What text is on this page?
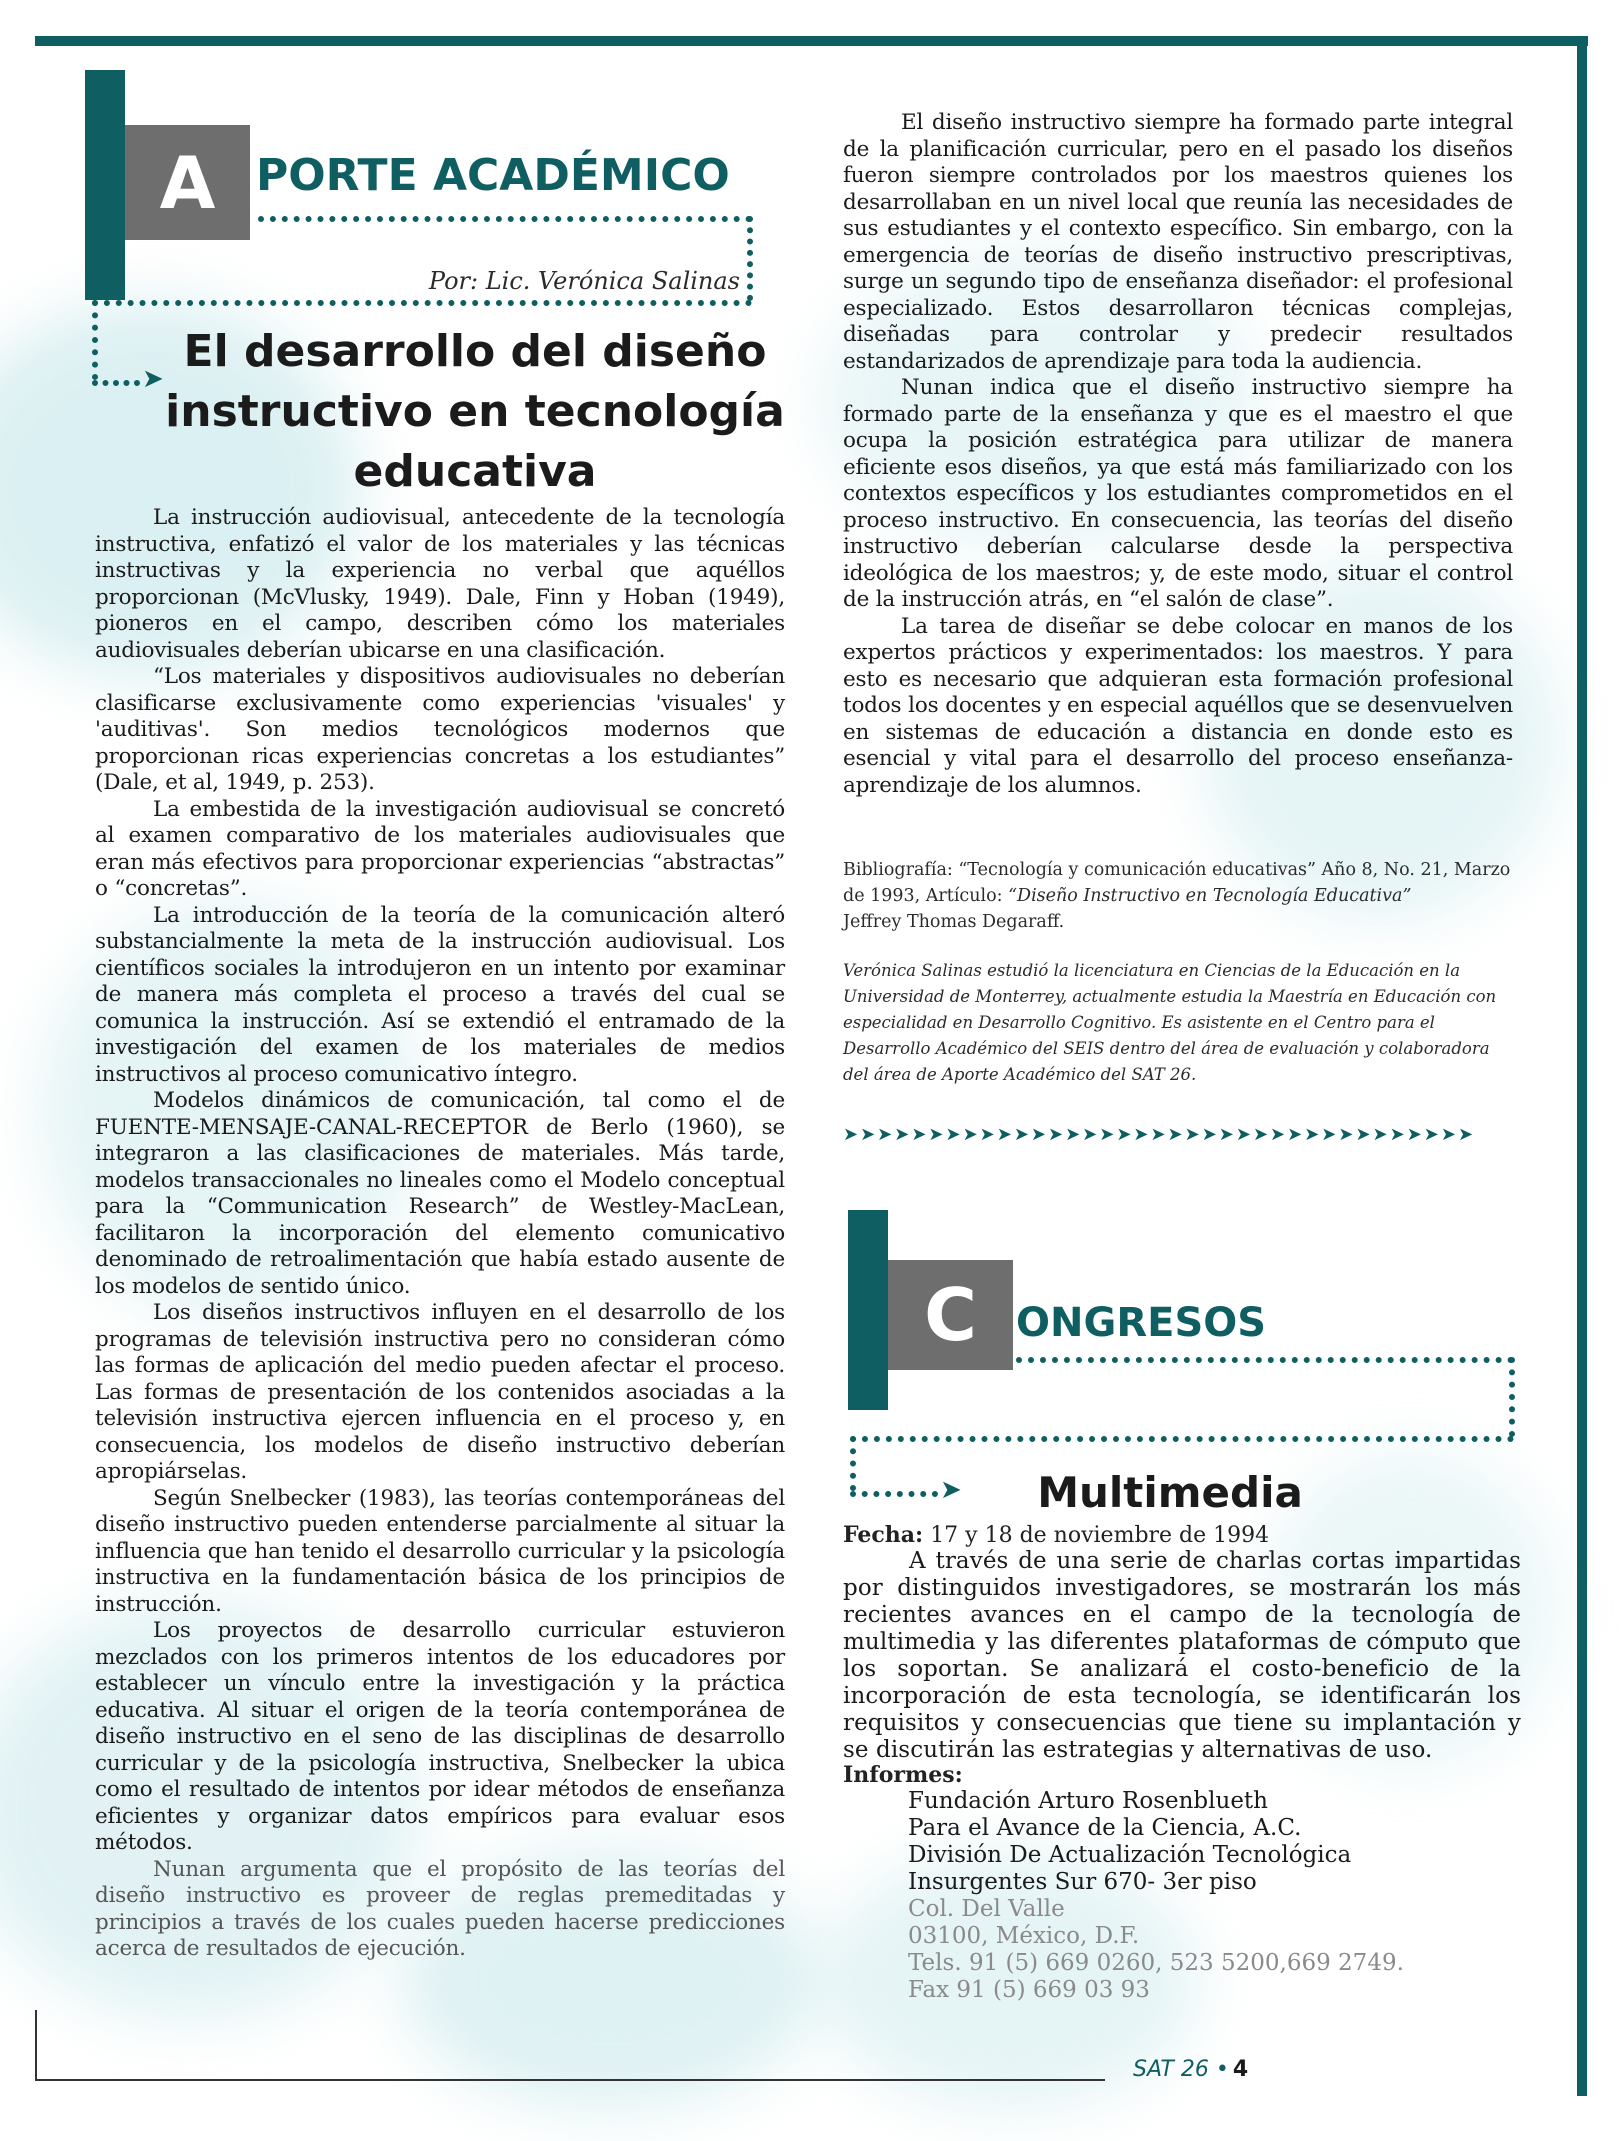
A PORTE ACADÉMICO
➤
Por: Lic. Verónica Salinas
El desarrollo del diseño
instructivo en tecnología
educativa

La instrucción audiovisual, antecedente de la tecnología instructiva, enfatizó el valor de los materiales y las técnicas instructivas y la experiencia no verbal que aquéllos proporcionan (McVlusky, 1949). Dale, Finn y Hoban (1949), pioneros en el campo, describen cómo los materiales audiovisuales deberían ubicarse en una clasificación.

“Los materiales y dispositivos audiovisuales no deberían clasificarse exclusivamente como experiencias 'visuales' y 'auditivas'. Son medios tecnológicos modernos que proporcionan ricas experiencias concretas a los estudiantes” (Dale, et al, 1949, p. 253).

La embestida de la investigación audiovisual se concretó al examen comparativo de los materiales audiovisuales que eran más efectivos para proporcionar experiencias “abstractas” o “concretas”.

La introducción de la teoría de la comunicación alteró substancialmente la meta de la instrucción audiovisual. Los científicos sociales la introdujeron en un intento por examinar de manera más completa el proceso a través del cual se comunica la instrucción. Así se extendió el entramado de la investigación del examen de los materiales de medios instructivos al proceso comunicativo íntegro.

Modelos dinámicos de comunicación, tal como el de FUENTE-MENSAJE-CANAL-RECEPTOR de Berlo (1960), se integraron a las clasificaciones de materiales. Más tarde, modelos transaccionales no lineales como el Modelo conceptual para la “Communication Research” de Westley-MacLean, facilitaron la incorporación del elemento comunicativo denominado de retroalimentación que había estado ausente de los modelos de sentido único.

Los diseños instructivos influyen en el desarrollo de los programas de televisión instructiva pero no consideran cómo las formas de aplicación del medio pueden afectar el proceso. Las formas de presentación de los contenidos asociadas a la televisión instructiva ejercen influencia en el proceso y, en consecuencia, los modelos de diseño instructivo deberían apropiárselas.

Según Snelbecker (1983), las teorías contemporáneas del diseño instructivo pueden entenderse parcialmente al situar la influencia que han tenido el desarrollo curricular y la psicología instructiva en la fundamentación básica de los principios de instrucción.

Los proyectos de desarrollo curricular estuvieron mezclados con los primeros intentos de los educadores por establecer un vínculo entre la investigación y la práctica educativa. Al situar el origen de la teoría contemporánea de diseño instructivo en el seno de las disciplinas de desarrollo curricular y de la psicología instructiva, Snelbecker la ubica como el resultado de intentos por idear métodos de enseñanza eficientes y organizar datos empíricos para evaluar esos métodos.

Nunan argumenta que el propósito de las teorías del diseño instructivo es proveer de reglas premeditadas y principios a través de los cuales pueden hacerse predicciones acerca de resultados de ejecución.

El diseño instructivo siempre ha formado parte integral de la planificación curricular, pero en el pasado los diseños fueron siempre controlados por los maestros quienes los desarrollaban en un nivel local que reunía las necesidades de sus estudiantes y el contexto específico. Sin embargo, con la emergencia de teorías de diseño instructivo prescriptivas, surge un segundo tipo de enseñanza diseñador: el profesional especializado. Estos desarrollaron técnicas complejas, diseñadas para controlar y predecir resultados estandarizados de aprendizaje para toda la audiencia.

Nunan indica que el diseño instructivo siempre ha formado parte de la enseñanza y que es el maestro el que ocupa la posición estratégica para utilizar de manera eficiente esos diseños, ya que está más familiarizado con los contextos específicos y los estudiantes comprometidos en el proceso instructivo. En consecuencia, las teorías del diseño instructivo deberían calcularse desde la perspectiva ideológica de los maestros; y, de este modo, situar el control de la instrucción atrás, en “el salón de clase”.

La tarea de diseñar se debe colocar en manos de los expertos prácticos y experimentados: los maestros. Y para esto es necesario que adquieran esta formación profesional todos los docentes y en especial aquéllos que se desenvuelven en sistemas de educación a distancia en donde esto es esencial y vital para el desarrollo del proceso enseñanza-aprendizaje de los alumnos.

Bibliografía: “Tecnología y comunicación educativas” Año 8, No. 21, Marzo de 1993, Artículo: “Diseño Instructivo en Tecnología Educativa”
Jeffrey Thomas Degaraff.
Verónica Salinas estudió la licenciatura en Ciencias de la Educación en la Universidad de Monterrey, actualmente estudia la Maestría en Educación con especialidad en Desarrollo Cognitivo. Es asistente en el Centro para el Desarrollo Académico del SEIS dentro del área de evaluación y colaboradora del área de Aporte Académico del SAT 26.
➤➤➤➤➤➤➤➤➤➤➤➤➤➤➤➤➤➤➤➤➤➤➤➤➤➤➤➤➤➤➤➤➤➤➤➤➤
C ONGRESOS
➤	Multimedia
Fecha: 17 y 18 de noviembre de 1994

A través de una serie de charlas cortas impartidas por distinguidos investigadores, se mostrarán los más recientes avances en el campo de la tecnología de multimedia y las diferentes plataformas de cómputo que los soportan. Se analizará el costo-beneficio de la incorporación de esta tecnología, se identificarán los requisitos y consecuencias que tiene su implantación y se discutirán las estrategias y alternativas de uso.

Informes:
Fundación Arturo Rosenblueth
Para el Avance de la Ciencia, A.C.
División De Actualización Tecnológica
Insurgentes Sur 670- 3er piso
Col. Del Valle
03100, México, D.F.
Tels. 91 (5) 669 0260, 523 5200,669 2749.
Fax 91 (5) 669 03 93
SAT 26 • 4
